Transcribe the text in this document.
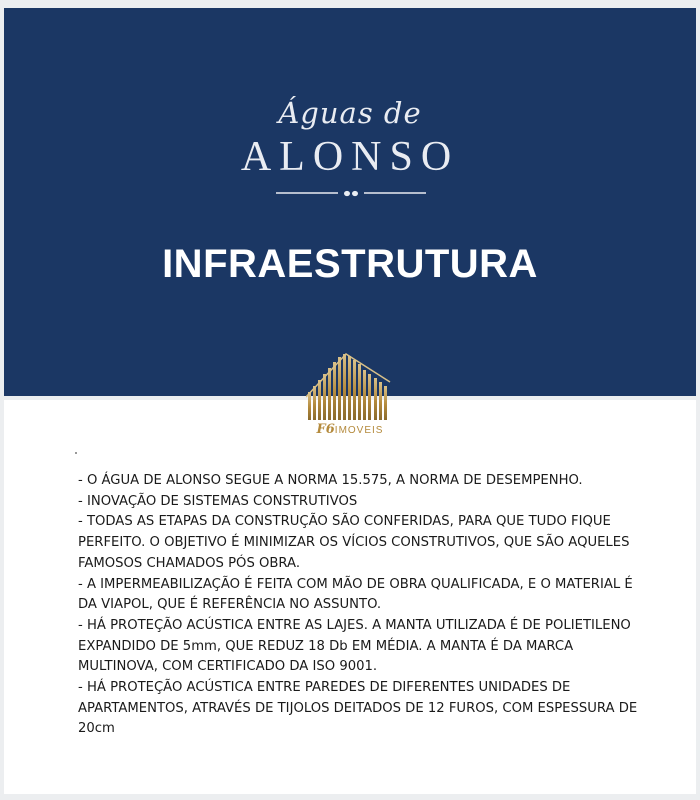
Águas de
ALONSO
INFRAESTRUTURA
F6IMOVEIS

- O ÁGUA DE ALONSO SEGUE A NORMA 15.575, A NORMA DE DESEMPENHO.

- INOVAÇÃO DE SISTEMAS CONSTRUTIVOS

- TODAS AS ETAPAS DA CONSTRUÇÃO SÃO CONFERIDAS, PARA QUE TUDO FIQUE PERFEITO. O OBJETIVO É MINIMIZAR OS VÍCIOS CONSTRUTIVOS, QUE SÃO AQUELES FAMOSOS CHAMADOS PÓS OBRA.

- A IMPERMEABILIZAÇÃO É FEITA COM MÃO DE OBRA QUALIFICADA, E O MATERIAL É DA VIAPOL, QUE É REFERÊNCIA NO ASSUNTO.

- HÁ PROTEÇÃO ACÚSTICA ENTRE AS LAJES. A MANTA UTILIZADA É DE POLIETILENO EXPANDIDO DE 5mm, QUE REDUZ 18 Db EM MÉDIA. A MANTA É DA MARCA MULTINOVA, COM CERTIFICADO DA ISO 9001.

- HÁ PROTEÇÃO ACÚSTICA ENTRE PAREDES DE DIFERENTES UNIDADES DE APARTAMENTOS, ATRAVÉS DE TIJOLOS DEITADOS DE 12 FUROS, COM ESPESSURA DE 20cm
